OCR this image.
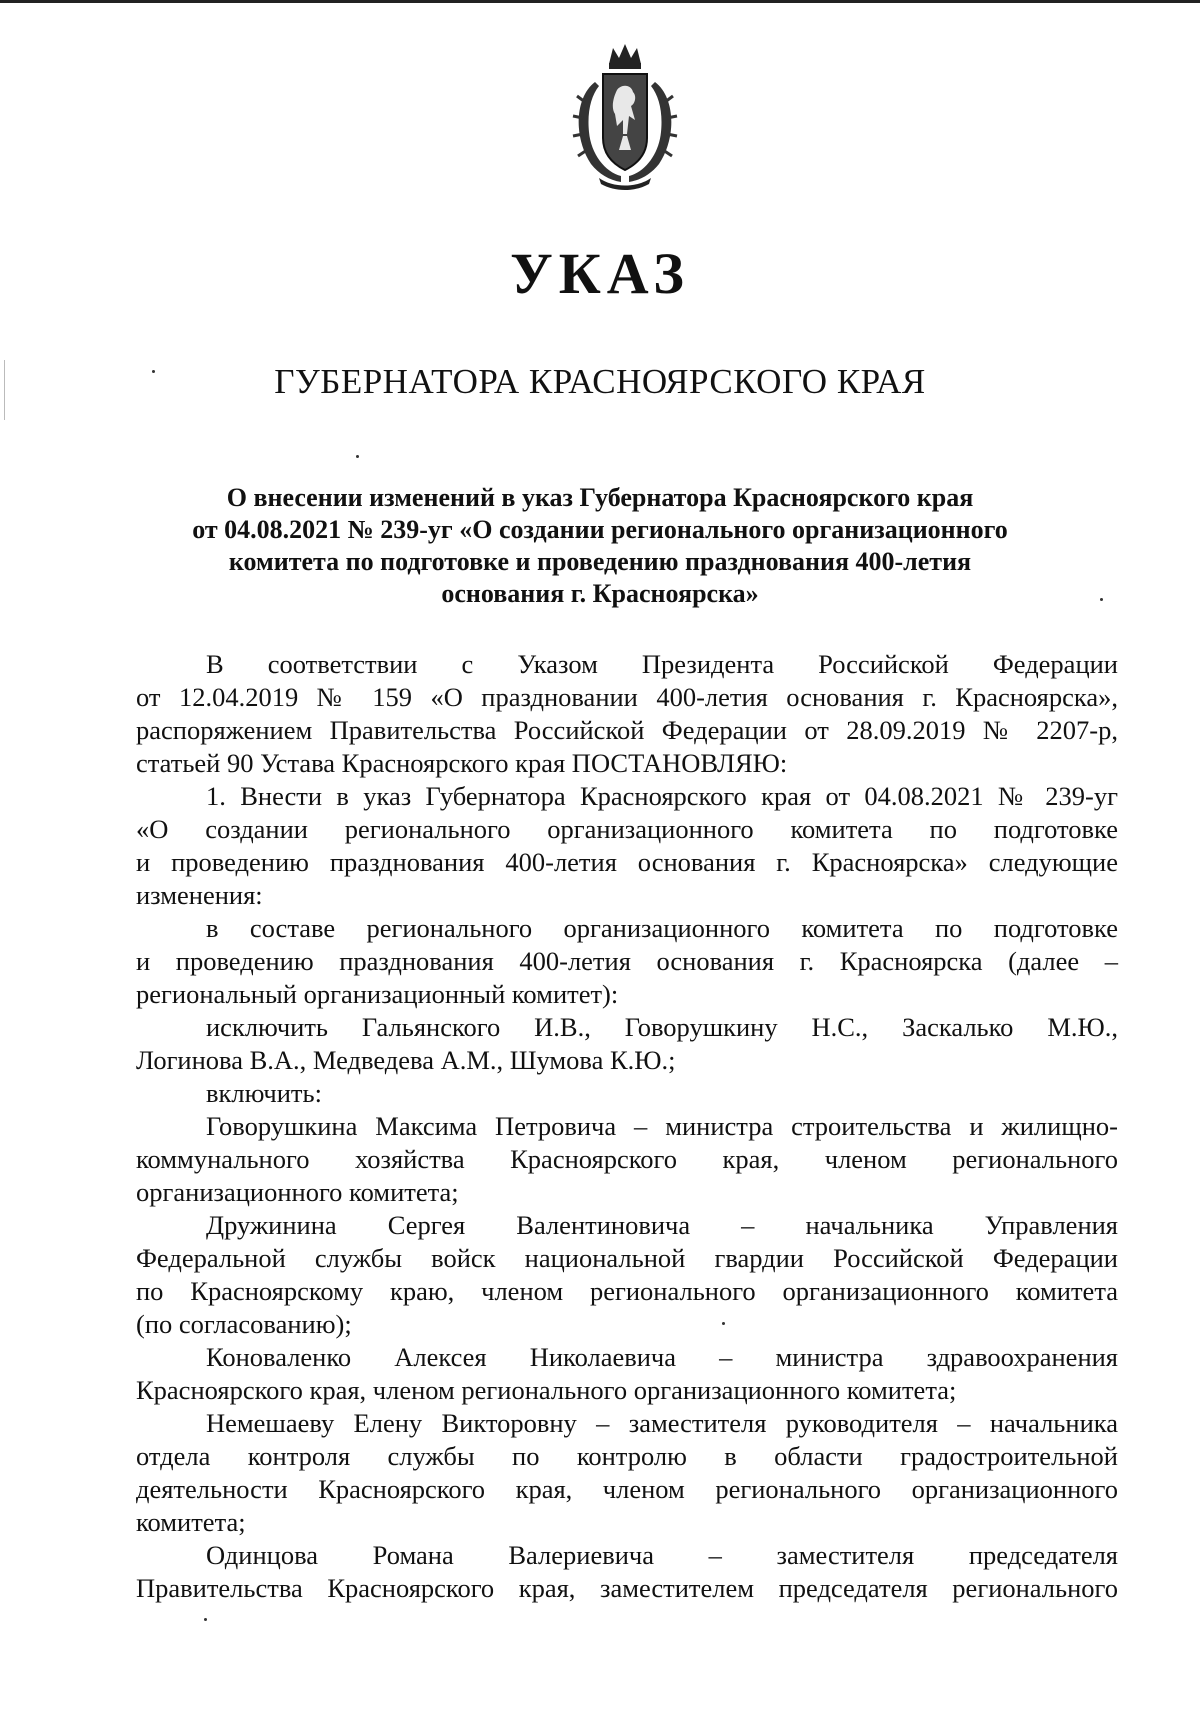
УКАЗ
ГУБЕРНАТОРА КРАСНОЯРСКОГО КРАЯ
О внесении изменений в указ Губернатора Красноярского края
от 04.08.2021 № 239-уг «О создании регионального организационного
комитета по подготовке и проведению празднования 400-летия
основания г. Красноярска»
В соответствии с Указом Президента Российской Федерации
от 12.04.2019 № 159 «О праздновании 400-летия основания г. Красноярска»,
распоряжением Правительства Российской Федерации от 28.09.2019 № 2207-р,
статьей 90 Устава Красноярского края ПОСТАНОВЛЯЮ:
1. Внести в указ Губернатора Красноярского края от 04.08.2021 № 239-уг
«О создании регионального организационного комитета по подготовке
и проведению празднования 400-летия основания г. Красноярска» следующие
изменения:
в составе регионального организационного комитета по подготовке
и проведению празднования 400-летия основания г. Красноярска (далее –
региональный организационный комитет):
исключить Гальянского И.В., Говорушкину Н.С., Заскалько М.Ю.,
Логинова В.А., Медведева А.М., Шумова К.Ю.;
включить:
Говорушкина Максима Петровича – министра строительства и жилищно-
коммунального хозяйства Красноярского края, членом регионального
организационного комитета;
Дружинина Сергея Валентиновича – начальника Управления
Федеральной службы войск национальной гвардии Российской Федерации
по Красноярскому краю, членом регионального организационного комитета
(по согласованию);
Коноваленко Алексея Николаевича – министра здравоохранения
Красноярского края, членом регионального организационного комитета;
Немешаеву Елену Викторовну – заместителя руководителя – начальника
отдела контроля службы по контролю в области градостроительной
деятельности Красноярского края, членом регионального организационного
комитета;
Одинцова Романа Валериевича – заместителя председателя
Правительства Красноярского края, заместителем председателя регионального
